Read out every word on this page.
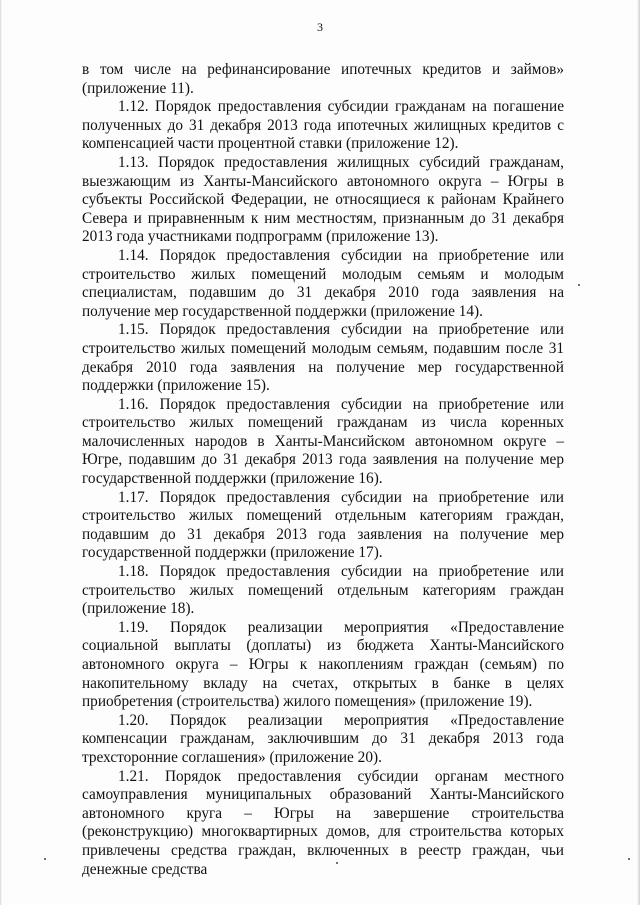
3

в том числе на рефинансирование ипотечных кредитов и займов» (приложение 11).

1.12. Порядок предоставления субсидии гражданам на погашение полученных до 31 декабря 2013 года ипотечных жилищных кредитов с компенсацией части процентной ставки (приложение 12).

1.13. Порядок предоставления жилищных субсидий гражданам, выезжающим из Ханты-Мансийского автономного округа – Югры в субъекты Российской Федерации, не относящиеся к районам Крайнего Севера и приравненным к ним местностям, признанным до 31 декабря 2013 года участниками подпрограмм (приложение 13).

1.14. Порядок предоставления субсидии на приобретение или строительство жилых помещений молодым семьям и молодым специалистам, подавшим до 31 декабря 2010 года заявления на получение мер государственной поддержки (приложение 14).

1.15. Порядок предоставления субсидии на приобретение или строительство жилых помещений молодым семьям, подавшим после 31 декабря 2010 года заявления на получение мер государственной поддержки (приложение 15).

1.16. Порядок предоставления субсидии на приобретение или строительство жилых помещений гражданам из числа коренных малочисленных народов в Ханты-Мансийском автономном округе – Югре, подавшим до 31 декабря 2013 года заявления на получение мер государственной поддержки (приложение 16).

1.17. Порядок предоставления субсидии на приобретение или строительство жилых помещений отдельным категориям граждан, подавшим до 31 декабря 2013 года заявления на получение мер государственной поддержки (приложение 17).

1.18. Порядок предоставления субсидии на приобретение или строительство жилых помещений отдельным категориям граждан (приложение 18).

1.19. Порядок реализации мероприятия «Предоставление социальной выплаты (доплаты) из бюджета Ханты-Мансийского автономного округа – Югры к накоплениям граждан (семьям) по накопительному вкладу на счетах, открытых в банке в целях приобретения (строительства) жилого помещения» (приложение 19).

1.20. Порядок реализации мероприятия «Предоставление компенсации гражданам, заключившим до 31 декабря 2013 года трехсторонние соглашения» (приложение 20).

1.21. Порядок предоставления субсидии органам местного самоуправления муниципальных образований Ханты-Мансийского автономного круга – Югры на завершение строительства (реконструкцию) многоквартирных домов, для строительства которых привлечены средства граждан, включенных в реестр граждан, чьи денежные средства
